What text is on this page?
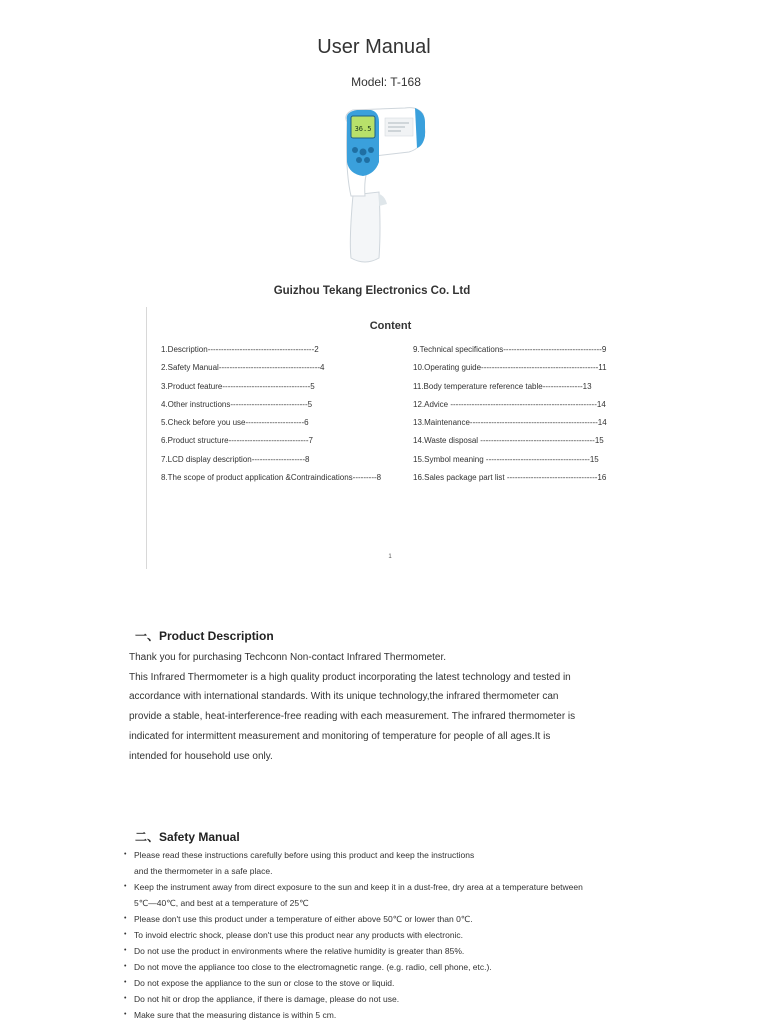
User Manual
Model: T-168
36.5
Guizhou Tekang Electronics Co. Ltd
Content
1.Description----------------------------------------2
2.Safety Manual--------------------------------------4
3.Product feature---------------------------------5
4.Other instructions-----------------------------5
5.Check before you use----------------------6
6.Product structure------------------------------7
7.LCD display description--------------------8
8.The scope of product application &Contraindications---------8
9.Technical specifications-------------------------------------9
10.Operating guide--------------------------------------------11
11.Body temperature reference table---------------13
12.Advice -------------------------------------------------------14
13.Maintenance------------------------------------------------14
14.Waste disposal -------------------------------------------15
15.Symbol meaning ---------------------------------------15
16.Sales package part list ----------------------------------16
1
一、Product Description
Thank you for purchasing Techconn Non-contact Infrared Thermometer.
This Infrared Thermometer is a high quality product incorporating the latest technology and tested in
accordance with international standards. With its unique technology,the infrared thermometer can
provide a stable, heat-interference-free reading with each measurement. The infrared thermometer is
indicated for intermittent measurement and monitoring of temperature for people of all ages.It is
intended for household use only.
二、Safety Manual
• Please read these instructions carefully before using this product and keep the instructions
and the thermometer in a safe place.
• Keep the instrument away from direct exposure to the sun and keep it in a dust-free, dry area at a temperature between
5℃—40℃, and best at a temperature of 25℃
• Please don't use this product under a temperature of either above 50℃ or lower than 0℃.
• To invoid electric shock, please don't use this product near any products with electronic.
• Do not use the product in environments where the relative humidity is greater than 85%.
• Do not move the appliance too close to the electromagnetic range. (e.g. radio, cell phone, etc.).
• Do not expose the appliance to the sun or close to the stove or liquid.
• Do not hit or drop the appliance, if there is damage, please do not use.
• Make sure that the measuring distance is within 5 cm.
